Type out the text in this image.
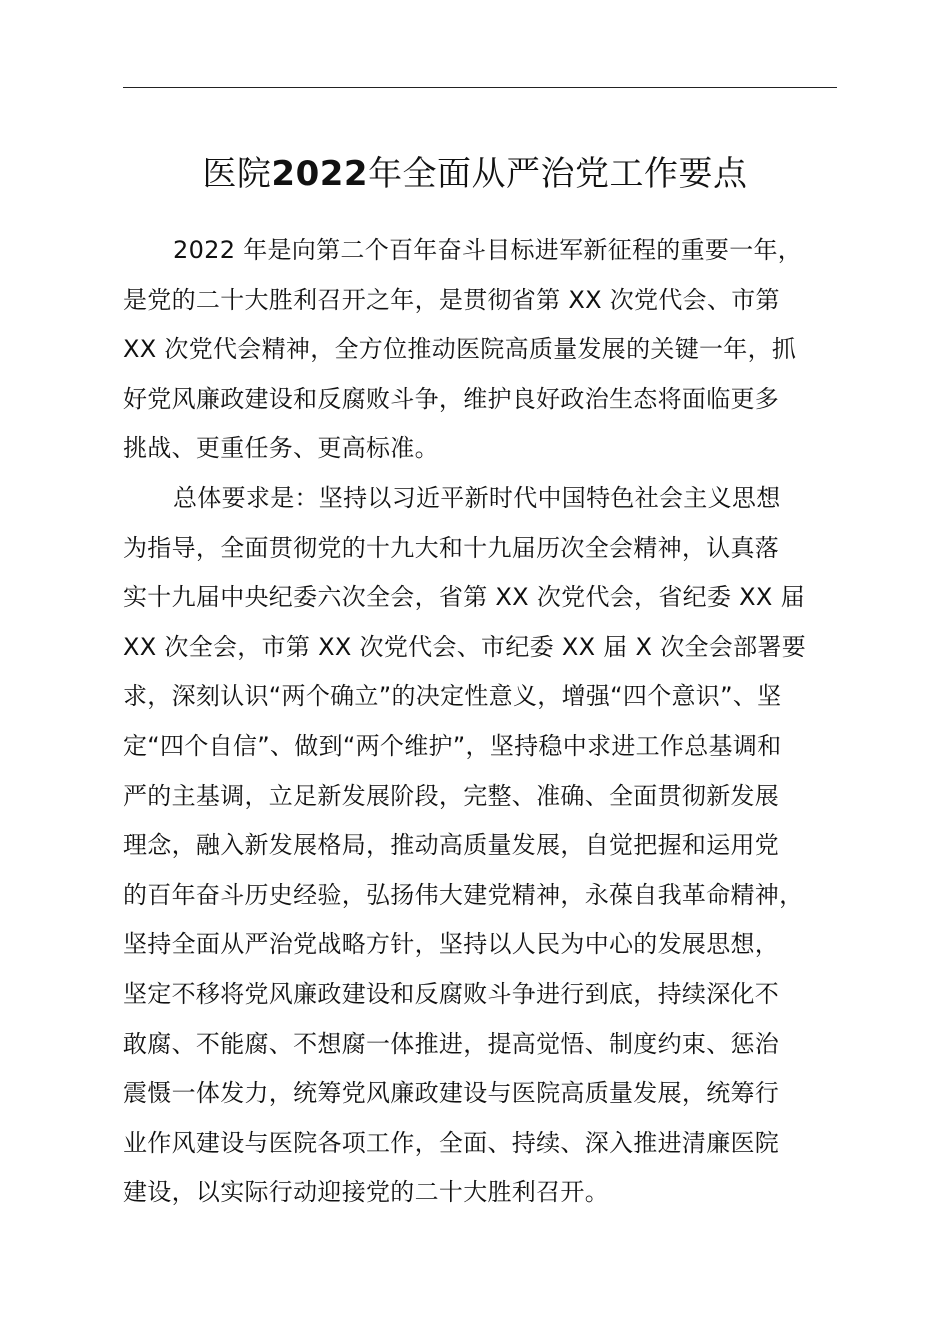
医院2022年全面从严治党工作要点
2022 年是向第二个百年奋斗目标进军新征程的重要一年，
是党的二十大胜利召开之年，是贯彻省第 XX 次党代会、市第
XX 次党代会精神，全方位推动医院高质量发展的关键一年，抓
好党风廉政建设和反腐败斗争，维护良好政治生态将面临更多
挑战、更重任务、更高标准。
总体要求是：坚持以习近平新时代中国特色社会主义思想
为指导，全面贯彻党的十九大和十九届历次全会精神，认真落
实十九届中央纪委六次全会，省第 XX 次党代会，省纪委 XX 届
XX 次全会，市第 XX 次党代会、市纪委 XX 届 X 次全会部署要
求，深刻认识“两个确立”的决定性意义，增强“四个意识”、坚
定“四个自信”、做到“两个维护”，坚持稳中求进工作总基调和
严的主基调，立足新发展阶段，完整、准确、全面贯彻新发展
理念，融入新发展格局，推动高质量发展，自觉把握和运用党
的百年奋斗历史经验，弘扬伟大建党精神，永葆自我革命精神，
坚持全面从严治党战略方针，坚持以人民为中心的发展思想，
坚定不移将党风廉政建设和反腐败斗争进行到底，持续深化不
敢腐、不能腐、不想腐一体推进，提高觉悟、制度约束、惩治
震慑一体发力，统筹党风廉政建设与医院高质量发展，统筹行
业作风建设与医院各项工作，全面、持续、深入推进清廉医院
建设，以实际行动迎接党的二十大胜利召开。
